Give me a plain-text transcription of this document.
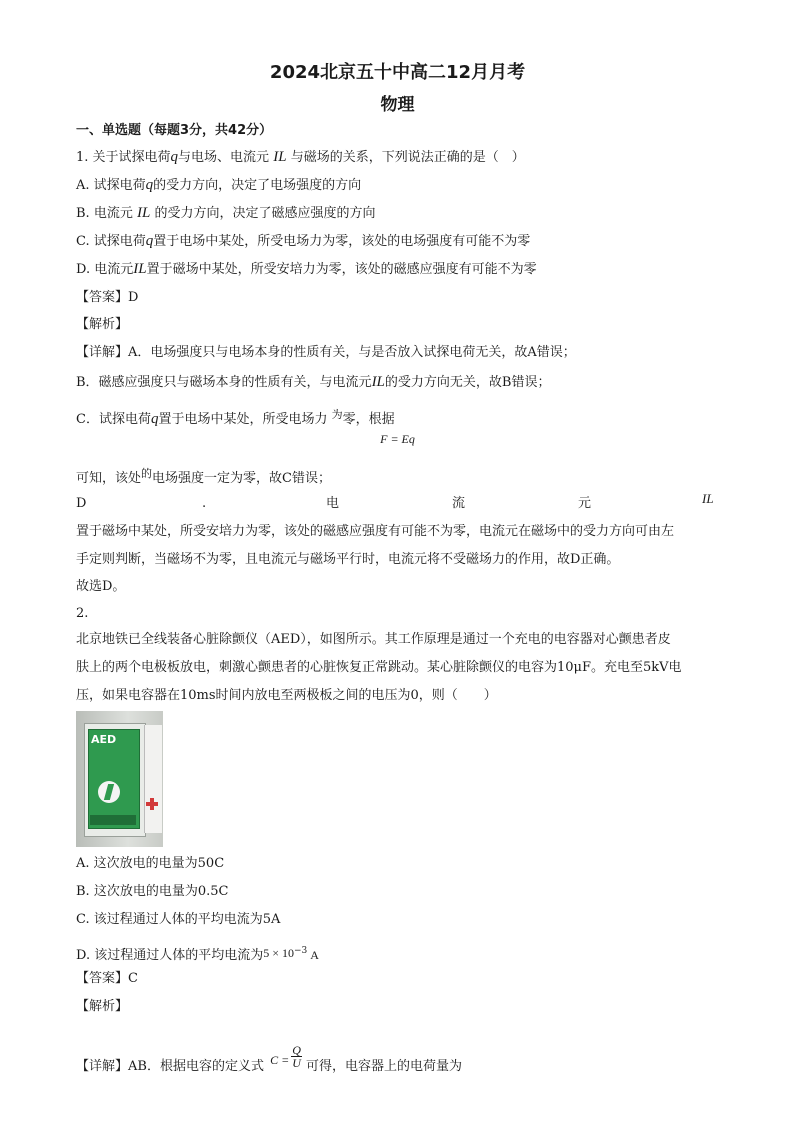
2024北京五十中高二12月月考
物理
一、单选题（每题3分，共42分）
1. 关于试探电荷q与电场、电流元 IL 与磁场的关系，下列说法正确的是（　）
A. 试探电荷q的受力方向，决定了电场强度的方向
B. 电流元 IL 的受力方向，决定了磁感应强度的方向
C. 试探电荷q置于电场中某处，所受电场力为零，该处的电场强度有可能不为零
D. 电流元IL置于磁场中某处，所受安培力为零，该处的磁感应强度有可能不为零
【答案】D
【解析】
【详解】A．电场强度只与电场本身的性质有关，与是否放入试探电荷无关，故A错误；
B．磁感应强度只与磁场本身的性质有关，与电流元IL的受力方向无关，故B错误；
C．试探电荷q置于电场中某处，所受电场力 $^为$零，根据
F = Eq
可知，该处$^的$电场强度一定为零，故C错误；
D	.	电	流	元	IL
置于磁场中某处，所受安培力为零，该处的磁感应强度有可能不为零，电流元在磁场中的受力方向可由左
手定则判断，当磁场不为零，且电流元与磁场平行时，电流元将不受磁场力的作用，故D正确。
故选D。
2.
北京地铁已全线装备心脏除颤仪（AED），如图所示。其工作原理是通过一个充电的电容器对心颤患者皮
肤上的两个电极板放电，刺激心颤患者的心脏恢复正常跳动。某心脏除颤仪的电容为10μF。充电至5kV电
压，如果电容器在10ms时间内放电至两极板之间的电压为0，则（　　）
AED
A. 这次放电的电量为50C
B. 这次放电的电量为0.5C
C. 该过程通过人体的平均电流为5A
D. 该过程通过人体的平均电流为$5 \times 10^{-3}$ A
【答案】C
【解析】
【详解】AB．根据电容的定义式 $C = \frac{Q}{U}$ 可得，电容器上的电荷量为
